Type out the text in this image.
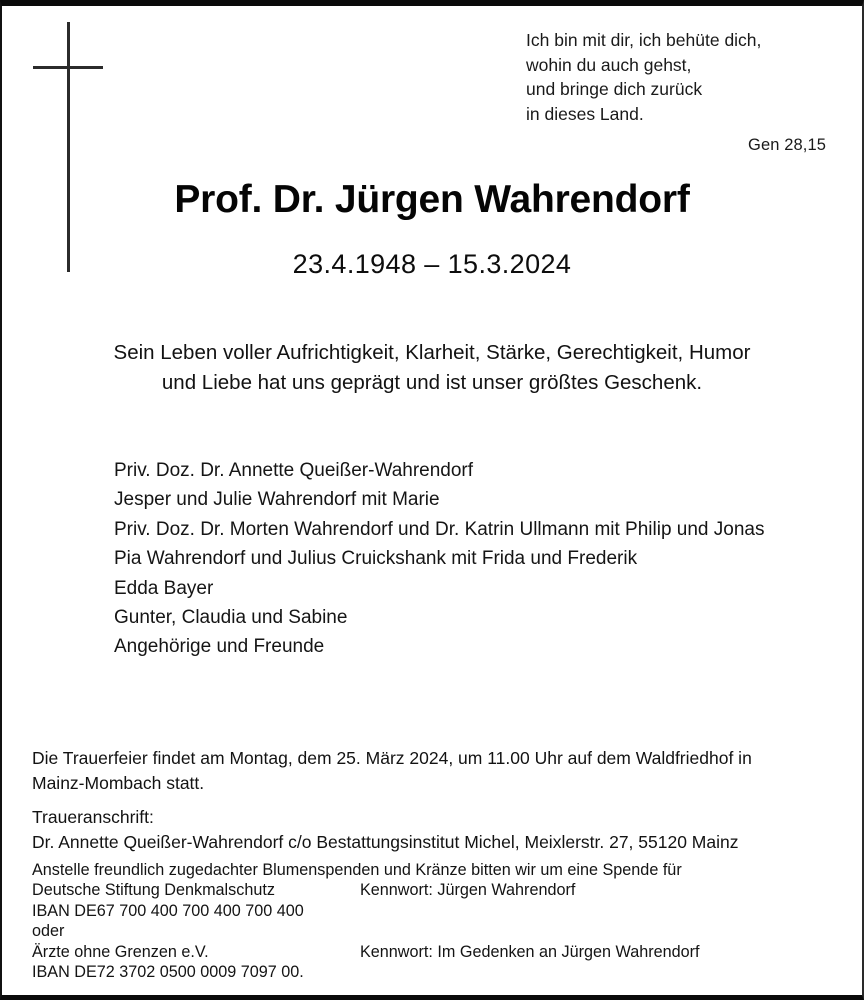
Ich bin mit dir, ich behüte dich,
wohin du auch gehst,
und bringe dich zurück
in dieses Land.
Gen 28,15
Prof. Dr. Jürgen Wahrendorf
23.4.1948 – 15.3.2024
Sein Leben voller Aufrichtigkeit, Klarheit, Stärke, Gerechtigkeit, Humor
und Liebe hat uns geprägt und ist unser größtes Geschenk.
Priv. Doz. Dr. Annette Queißer-Wahrendorf
Jesper und Julie Wahrendorf mit Marie
Priv. Doz. Dr. Morten Wahrendorf und Dr. Katrin Ullmann mit Philip und Jonas
Pia Wahrendorf und Julius Cruickshank mit Frida und Frederik
Edda Bayer
Gunter, Claudia und Sabine
Angehörige und Freunde

Die Trauerfeier findet am Montag, dem 25. März 2024, um 11.00 Uhr auf dem Waldfriedhof in

Mainz-Mombach statt.

Traueranschrift:

Dr. Annette Queißer-Wahrendorf c/o Bestattungsinstitut Michel, Meixlerstr. 27, 55120 Mainz

Anstelle freundlich zugedachter Blumenspenden und Kränze bitten wir um eine Spende für
Deutsche Stiftung Denkmalschutz	Kennwort: Jürgen Wahrendorf
IBAN DE67 700 400 700 400 700 400
oder
Ärzte ohne Grenzen e.V.	Kennwort: Im Gedenken an Jürgen Wahrendorf
IBAN DE72 3702 0500 0009 7097 00.
